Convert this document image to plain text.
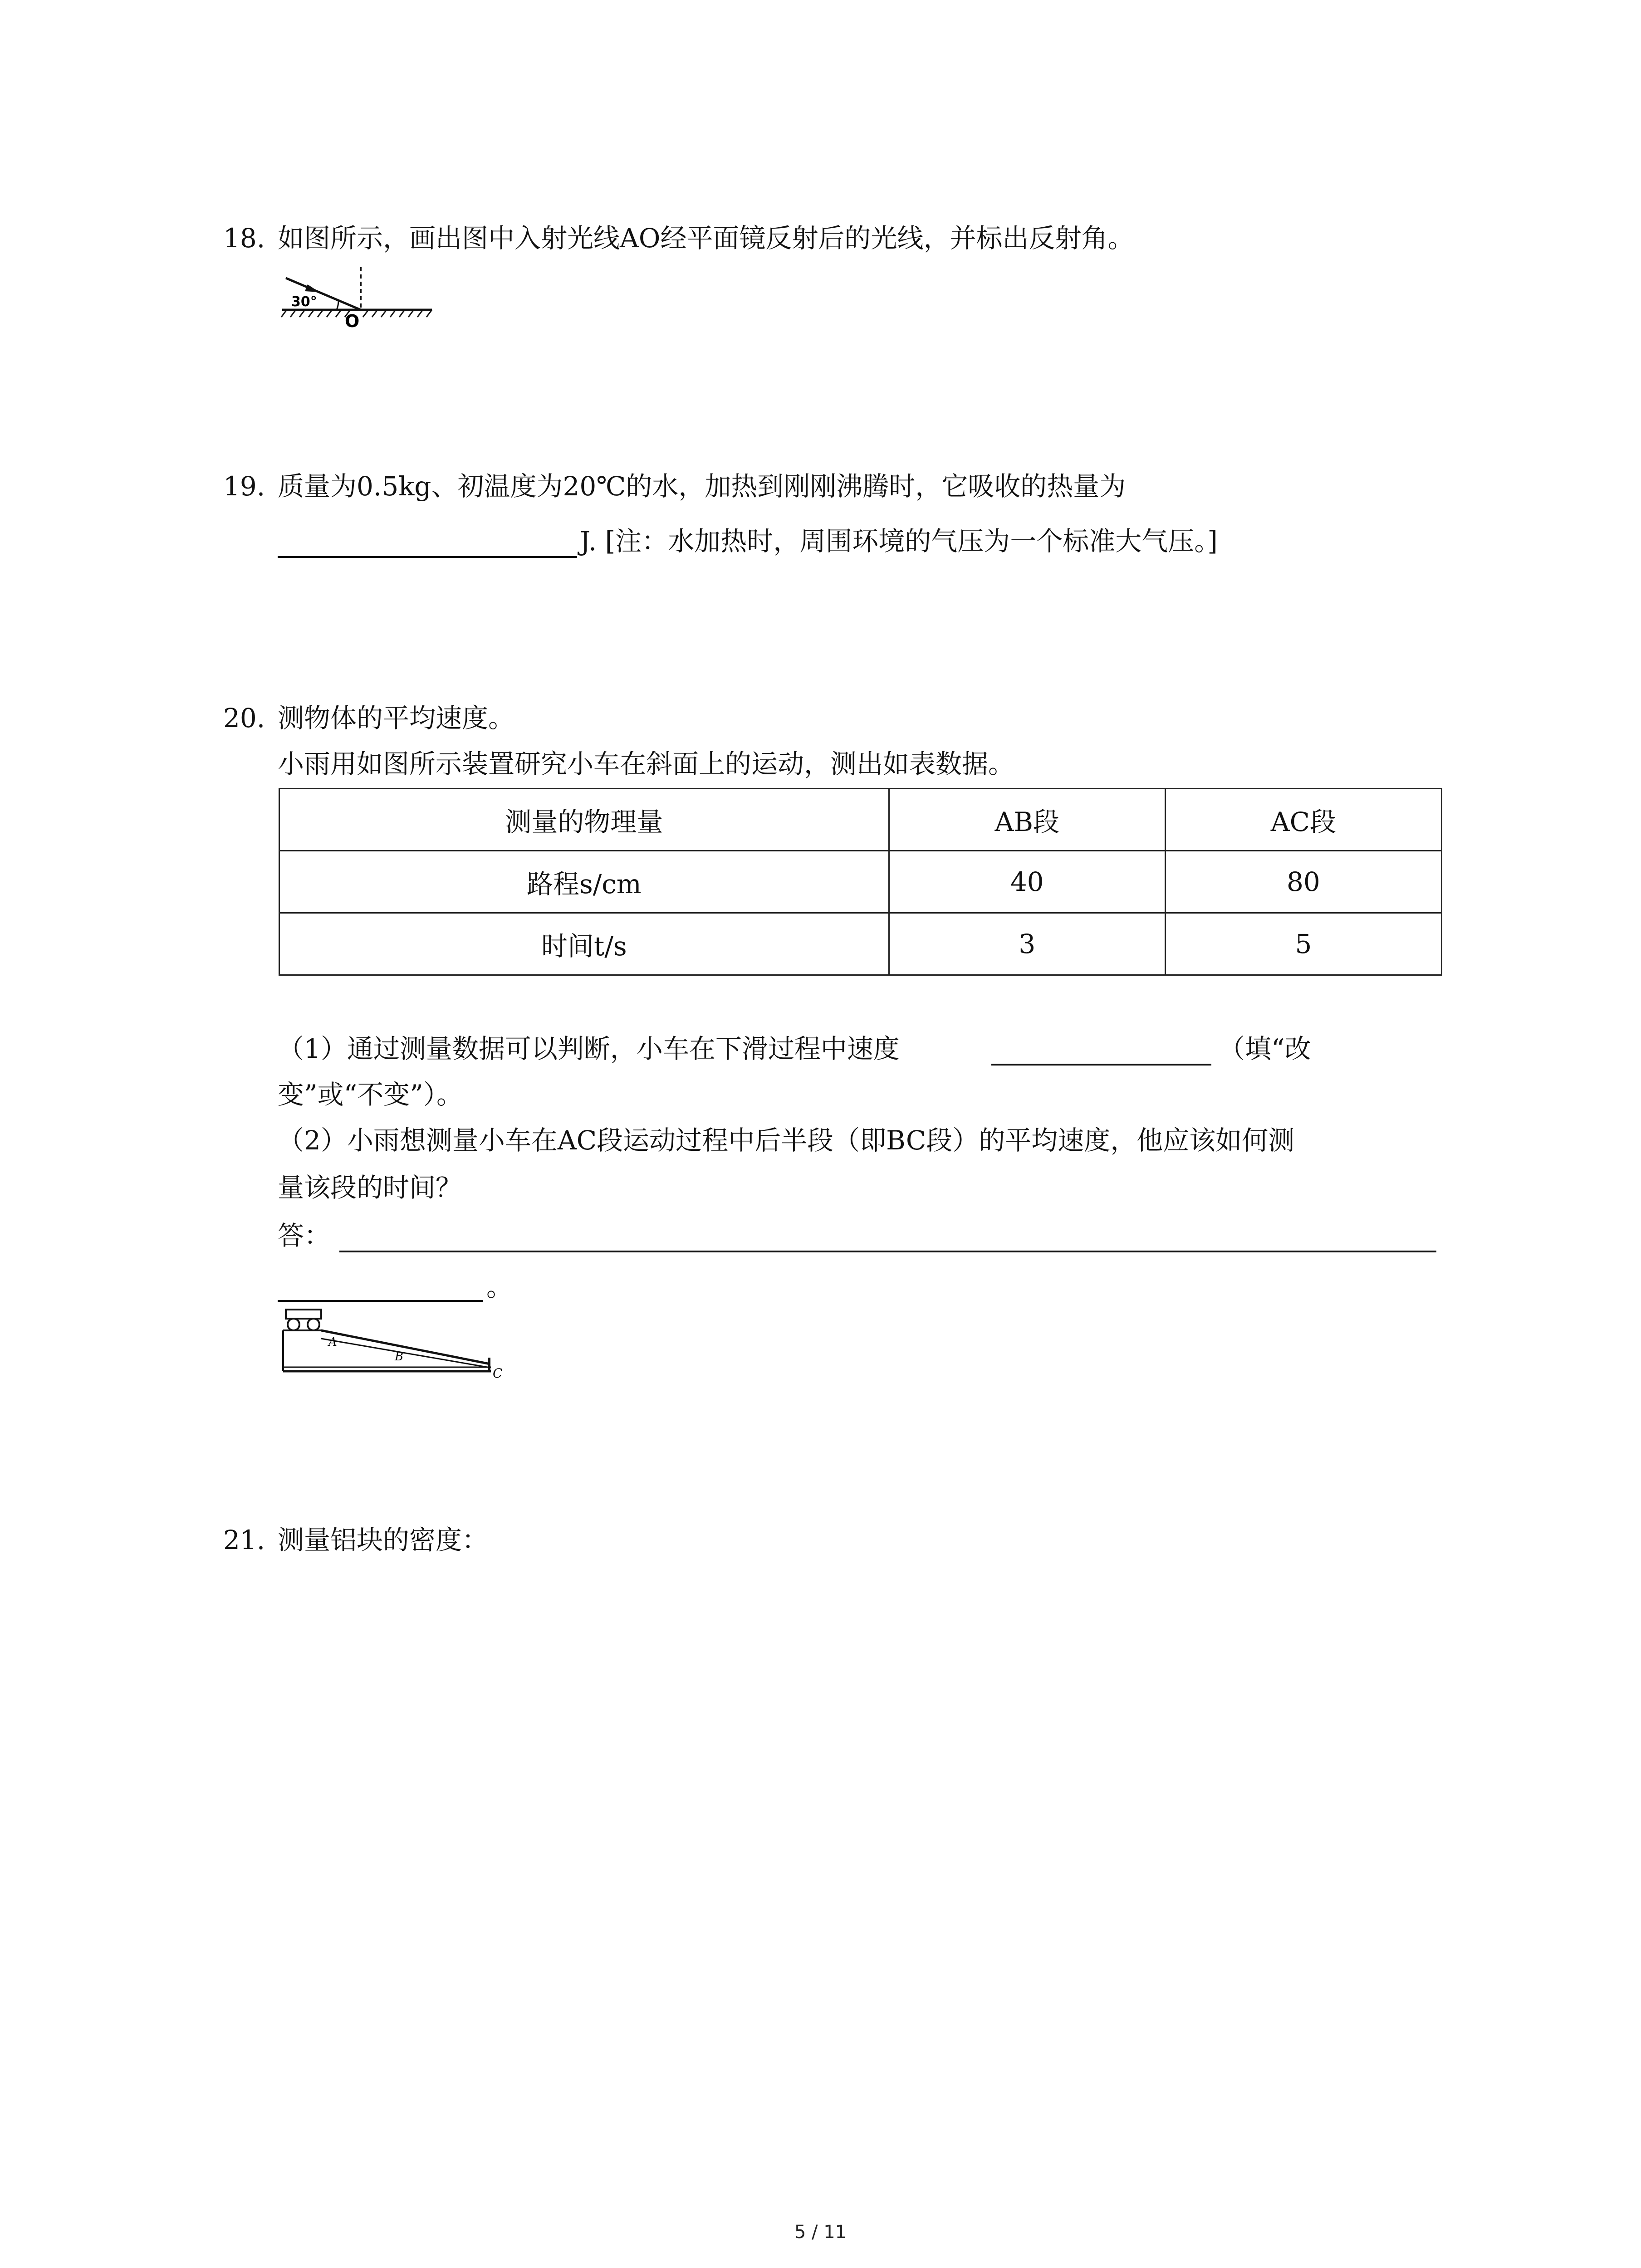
18. 如图所示，画出图中入射光线AO经平面镜反射后的光线，并标出反射角。
30°
O
19. 质量为0.5kg、初温度为20℃的水，加热到刚刚沸腾时，它吸收的热量为
J. [注：水加热时，周围环境的气压为一个标准大气压。]
20. 测物体的平均速度。
小雨用如图所示装置研究小车在斜面上的运动，测出如表数据。
测量的物理量	AB段	AC段
路程s/cm	40	80
时间t/s	3	5
（1）通过测量数据可以判断，小车在下滑过程中速度	（填“改
变”或“不变”）。
（2）小雨想测量小车在AC段运动过程中后半段（即BC段）的平均速度，他应该如何测
量该段的时间？
答：
。
A
B
C
21. 测量铝块的密度：
5 / 11
